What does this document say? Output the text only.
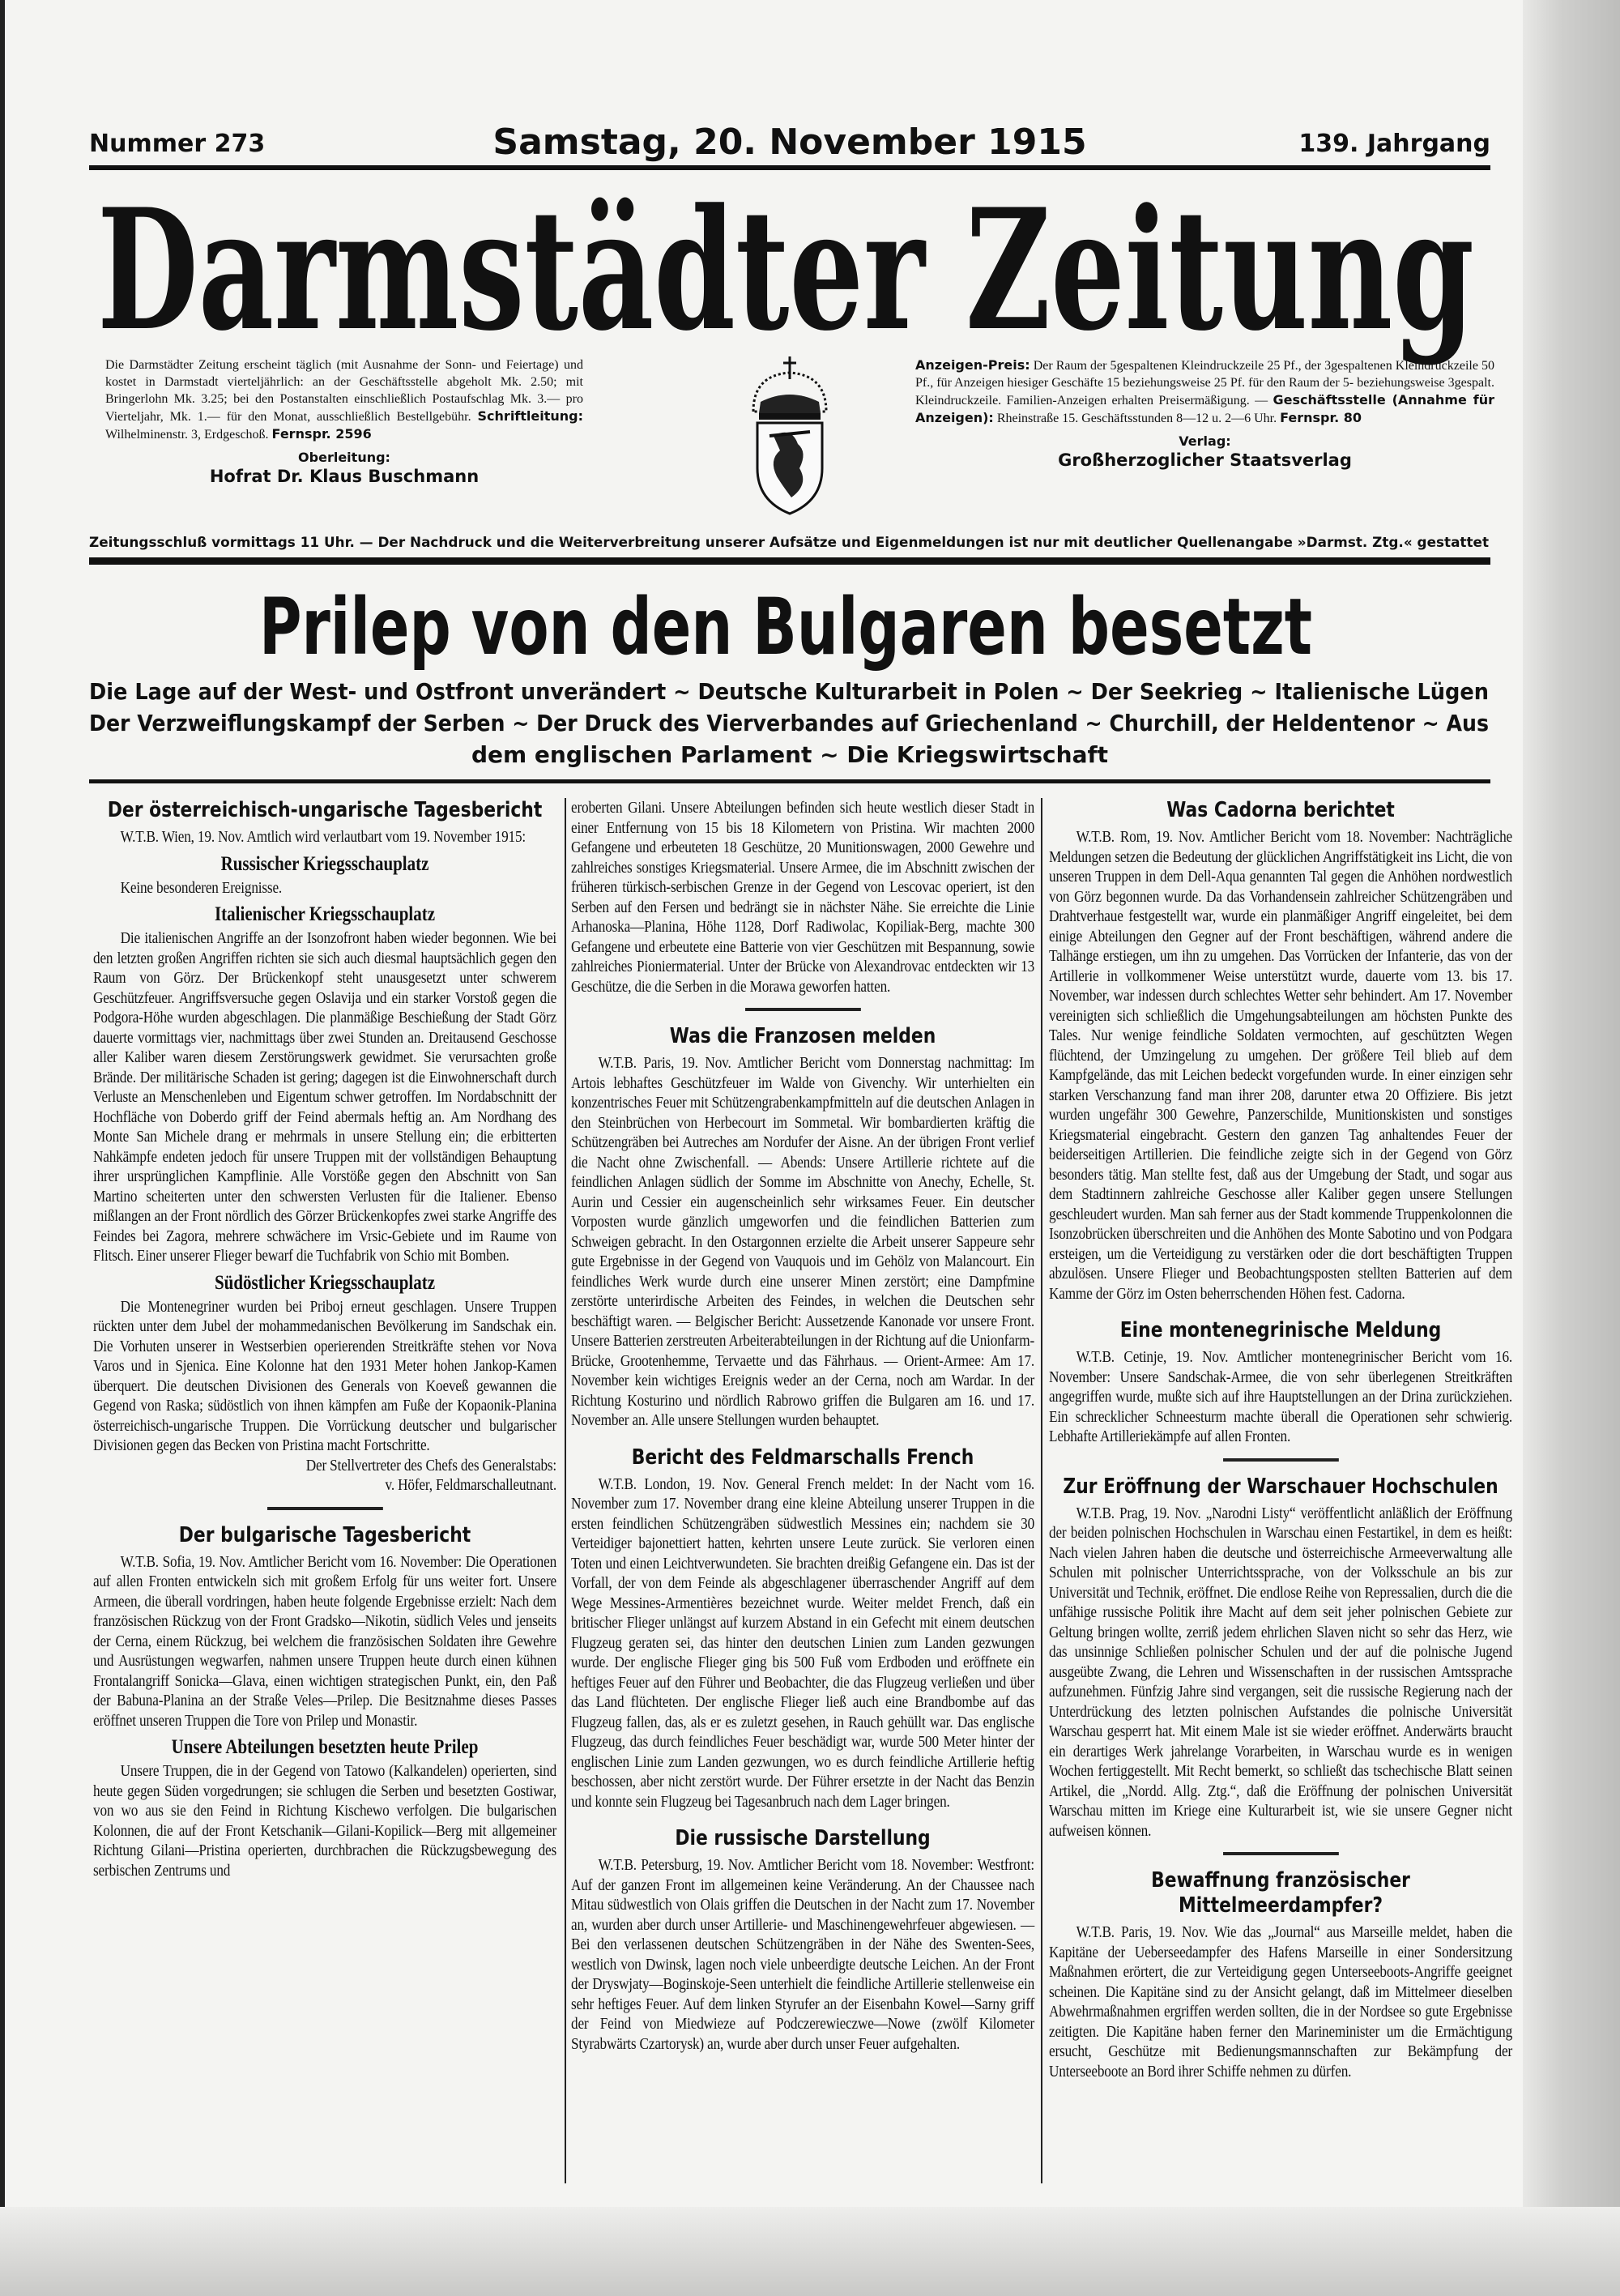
Nummer 273	Samstag, 20. November 1915	139. Jahrgang
Darmstädter Zeitung
Die Darmstädter Zeitung erscheint täglich (mit Ausnahme der Sonn- und Feiertage) und kostet in Darmstadt vierteljährlich: an der Geschäftsstelle abgeholt Mk. 2.50; mit Bringerlohn Mk. 3.25; bei den Postanstalten einschließlich Postaufschlag Mk. 3.— pro Vierteljahr, Mk. 1.— für den Monat, ausschließlich Bestellgebühr. Schriftleitung: Wilhelminenstr. 3, Erdgeschoß. Fernspr. 2596
Oberleitung:
Hofrat Dr. Klaus Buschmann
Anzeigen-Preis: Der Raum der 5gespaltenen Kleindruckzeile 25 Pf., der 3gespaltenen Kleindruckzeile 50 Pf., für Anzeigen hiesiger Geschäfte 15 beziehungsweise 25 Pf. für den Raum der 5- beziehungsweise 3gespalt. Kleindruckzeile. Familien-Anzeigen erhalten Preisermäßigung. — Geschäftsstelle (Annahme für Anzeigen): Rheinstraße 15. Geschäftsstunden 8—12 u. 2—6 Uhr. Fernspr. 80
Verlag:
Großherzoglicher Staatsverlag
Zeitungsschluß vormittags 11 Uhr. — Der Nachdruck und die Weiterverbreitung unserer Aufsätze und Eigenmeldungen ist nur mit deutlicher Quellenangabe »Darmst. Ztg.« gestattet
Prilep von den Bulgaren besetzt
Die Lage auf der West- und Ostfront unverändert ~ Deutsche Kulturarbeit in Polen ~ Der Seekrieg ~ Italienische Lügen
Der Verzweiflungskampf der Serben ~ Der Druck des Vierverbandes auf Griechenland ~ Churchill, der Heldentenor ~ Aus
dem englischen Parlament ~ Die Kriegswirtschaft
Der österreichisch-ungarische Tagesbericht

W.T.B. Wien, 19. Nov. Amtlich wird verlautbart vom 19. November 1915:

Russischer Kriegsschauplatz

Keine besonderen Ereignisse.

Italienischer Kriegsschauplatz

Die italienischen Angriffe an der Isonzofront haben wieder begonnen. Wie bei den letzten großen Angriffen richten sie sich auch diesmal hauptsächlich gegen den Raum von Görz. Der Brückenkopf steht unausgesetzt unter schwerem Geschützfeuer. Angriffsversuche gegen Oslavija und ein starker Vorstoß gegen die Podgora-Höhe wurden abgeschlagen. Die planmäßige Beschießung der Stadt Görz dauerte vormittags vier, nachmittags über zwei Stunden an. Dreitausend Geschosse aller Kaliber waren diesem Zerstörungswerk gewidmet. Sie verursachten große Brände. Der militärische Schaden ist gering; dagegen ist die Einwohnerschaft durch Verluste an Menschenleben und Eigentum schwer getroffen. Im Nordabschnitt der Hochfläche von Doberdo griff der Feind abermals heftig an. Am Nordhang des Monte San Michele drang er mehrmals in unsere Stellung ein; die erbitterten Nahkämpfe endeten jedoch für unsere Truppen mit der vollständigen Behauptung ihrer ursprünglichen Kampflinie. Alle Vorstöße gegen den Abschnitt von San Martino scheiterten unter den schwersten Verlusten für die Italiener. Ebenso mißlangen an der Front nördlich des Görzer Brückenkopfes zwei starke Angriffe des Feindes bei Zagora, mehrere schwächere im Vrsic-Gebiete und im Raume von Flitsch. Einer unserer Flieger bewarf die Tuchfabrik von Schio mit Bomben.

Südöstlicher Kriegsschauplatz

Die Montenegriner wurden bei Priboj erneut geschlagen. Unsere Truppen rückten unter dem Jubel der mohammedanischen Bevölkerung im Sandschak ein. Die Vorhuten unserer in Westserbien operierenden Streitkräfte stehen vor Nova Varos und in Sjenica. Eine Kolonne hat den 1931 Meter hohen Jankop-Kamen überquert. Die deutschen Divisionen des Generals von Koeveß gewannen die Gegend von Raska; südöstlich von ihnen kämpfen am Fuße der Kopaonik-Planina österreichisch-ungarische Truppen. Die Vorrückung deutscher und bulgarischer Divisionen gegen das Becken von Pristina macht Fortschritte.

Der Stellvertreter des Chefs des Generalstabs:

v. Höfer, Feldmarschalleutnant.

Der bulgarische Tagesbericht

W.T.B. Sofia, 19. Nov. Amtlicher Bericht vom 16. November: Die Operationen auf allen Fronten entwickeln sich mit großem Erfolg für uns weiter fort. Unsere Armeen, die überall vordringen, haben heute folgende Ergebnisse erzielt: Nach dem französischen Rückzug von der Front Gradsko—Nikotin, südlich Veles und jenseits der Cerna, einem Rückzug, bei welchem die französischen Soldaten ihre Gewehre und Ausrüstungen wegwarfen, nahmen unsere Truppen heute durch einen kühnen Frontalangriff Sonicka—Glava, einen wichtigen strategischen Punkt, ein, den Paß der Babuna-Planina an der Straße Veles—Prilep. Die Besitznahme dieses Passes eröffnet unseren Truppen die Tore von Prilep und Monastir.

Unsere Abteilungen besetzten heute Prilep

Unsere Truppen, die in der Gegend von Tatowo (Kalkandelen) operierten, sind heute gegen Süden vorgedrungen; sie schlugen die Serben und besetzten Gostiwar, von wo aus sie den Feind in Richtung Kischewo verfolgen. Die bulgarischen Kolonnen, die auf der Front Ketschanik—Gilani-Kopilick—Berg mit allgemeiner Richtung Gilani—Pristina operierten, durchbrachen die Rückzugsbewegung des serbischen Zentrums und

eroberten Gilani. Unsere Abteilungen befinden sich heute westlich dieser Stadt in einer Entfernung von 15 bis 18 Kilometern von Pristina. Wir machten 2000 Gefangene und erbeuteten 18 Geschütze, 20 Munitionswagen, 2000 Gewehre und zahlreiches sonstiges Kriegsmaterial. Unsere Armee, die im Abschnitt zwischen der früheren türkisch-serbischen Grenze in der Gegend von Lescovac operiert, ist den Serben auf den Fersen und bedrängt sie in nächster Nähe. Sie erreichte die Linie Arhanoska—Planina, Höhe 1128, Dorf Radiwolac, Kopiliak-Berg, machte 300 Gefangene und erbeutete eine Batterie von vier Geschützen mit Bespannung, sowie zahlreiches Pioniermaterial. Unter der Brücke von Alexandrovac entdeckten wir 13 Geschütze, die die Serben in die Morawa geworfen hatten.

Was die Franzosen melden

W.T.B. Paris, 19. Nov. Amtlicher Bericht vom Donnerstag nachmittag: Im Artois lebhaftes Geschützfeuer im Walde von Givenchy. Wir unterhielten ein konzentrisches Feuer mit Schützengrabenkampfmitteln auf die deutschen Anlagen in den Steinbrüchen von Herbecourt im Sommetal. Wir bombardierten kräftig die Schützengräben bei Autreches am Nordufer der Aisne. An der übrigen Front verlief die Nacht ohne Zwischenfall. — Abends: Unsere Artillerie richtete auf die feindlichen Anlagen südlich der Somme im Abschnitte von Anechy, Echelle, St. Aurin und Cessier ein augenscheinlich sehr wirksames Feuer. Ein deutscher Vorposten wurde gänzlich umgeworfen und die feindlichen Batterien zum Schweigen gebracht. In den Ostargonnen erzielte die Arbeit unserer Sappeure sehr gute Ergebnisse in der Gegend von Vauquois und im Gehölz von Malancourt. Ein feindliches Werk wurde durch eine unserer Minen zerstört; eine Dampfmine zerstörte unterirdische Arbeiten des Feindes, in welchen die Deutschen sehr beschäftigt waren. — Belgischer Bericht: Aussetzende Kanonade vor unsere Front. Unsere Batterien zerstreuten Arbeiterabteilungen in der Richtung auf die Unionfarm-Brücke, Grootenhemme, Tervaette und das Fährhaus. — Orient-Armee: Am 17. November kein wichtiges Ereignis weder an der Cerna, noch am Wardar. In der Richtung Kosturino und nördlich Rabrowo griffen die Bulgaren am 16. und 17. November an. Alle unsere Stellungen wurden behauptet.

Bericht des Feldmarschalls French

W.T.B. London, 19. Nov. General French meldet: In der Nacht vom 16. November zum 17. November drang eine kleine Abteilung unserer Truppen in die ersten feindlichen Schützengräben südwestlich Messines ein; nachdem sie 30 Verteidiger bajonettiert hatten, kehrten unsere Leute zurück. Sie verloren einen Toten und einen Leichtverwundeten. Sie brachten dreißig Gefangene ein. Das ist der Vorfall, der von dem Feinde als abgeschlagener überraschender Angriff auf dem Wege Messines-Armentières bezeichnet wurde. Weiter meldet French, daß ein britischer Flieger unlängst auf kurzem Abstand in ein Gefecht mit einem deutschen Flugzeug geraten sei, das hinter den deutschen Linien zum Landen gezwungen wurde. Der englische Flieger ging bis 500 Fuß vom Erdboden und eröffnete ein heftiges Feuer auf den Führer und Beobachter, die das Flugzeug verließen und über das Land flüchteten. Der englische Flieger ließ auch eine Brandbombe auf das Flugzeug fallen, das, als er es zuletzt gesehen, in Rauch gehüllt war. Das englische Flugzeug, das durch feindliches Feuer beschädigt war, wurde 500 Meter hinter der englischen Linie zum Landen gezwungen, wo es durch feindliche Artillerie heftig beschossen, aber nicht zerstört wurde. Der Führer ersetzte in der Nacht das Benzin und konnte sein Flugzeug bei Tagesanbruch nach dem Lager bringen.

Die russische Darstellung

W.T.B. Petersburg, 19. Nov. Amtlicher Bericht vom 18. November: Westfront: Auf der ganzen Front im allgemeinen keine Veränderung. An der Chaussee nach Mitau südwestlich von Olais griffen die Deutschen in der Nacht zum 17. November an, wurden aber durch unser Artillerie- und Maschinengewehrfeuer abgewiesen. — Bei den verlassenen deutschen Schützengräben in der Nähe des Swenten-Sees, westlich von Dwinsk, lagen noch viele unbeerdigte deutsche Leichen. An der Front der Dryswjaty—Boginskoje-Seen unterhielt die feindliche Artillerie stellenweise ein sehr heftiges Feuer. Auf dem linken Styrufer an der Eisenbahn Kowel—Sarny griff der Feind von Miedwieze auf Podczerewieczwe—Nowe (zwölf Kilometer Styrabwärts Czartorysk) an, wurde aber durch unser Feuer aufgehalten.

Was Cadorna berichtet

W.T.B. Rom, 19. Nov. Amtlicher Bericht vom 18. November: Nachträgliche Meldungen setzen die Bedeutung der glücklichen Angriffstätigkeit ins Licht, die von unseren Truppen in dem Dell-Aqua genannten Tal gegen die Anhöhen nordwestlich von Görz begonnen wurde. Da das Vorhandensein zahlreicher Schützengräben und Drahtverhaue festgestellt war, wurde ein planmäßiger Angriff eingeleitet, bei dem einige Abteilungen den Gegner auf der Front beschäftigen, während andere die Talhänge erstiegen, um ihn zu umgehen. Das Vorrücken der Infanterie, das von der Artillerie in vollkommener Weise unterstützt wurde, dauerte vom 13. bis 17. November, war indessen durch schlechtes Wetter sehr behindert. Am 17. November vereinigten sich schließlich die Umgehungsabteilungen am höchsten Punkte des Tales. Nur wenige feindliche Soldaten vermochten, auf geschützten Wegen flüchtend, der Umzingelung zu umgehen. Der größere Teil blieb auf dem Kampfgelände, das mit Leichen bedeckt vorgefunden wurde. In einer einzigen sehr starken Verschanzung fand man ihrer 208, darunter etwa 20 Offiziere. Bis jetzt wurden ungefähr 300 Gewehre, Panzerschilde, Munitionskisten und sonstiges Kriegsmaterial eingebracht. Gestern den ganzen Tag anhaltendes Feuer der beiderseitigen Artillerien. Die feindliche zeigte sich in der Gegend von Görz besonders tätig. Man stellte fest, daß aus der Umgebung der Stadt, und sogar aus dem Stadtinnern zahlreiche Geschosse aller Kaliber gegen unsere Stellungen geschleudert wurden. Man sah ferner aus der Stadt kommende Truppenkolonnen die Isonzobrücken überschreiten und die Anhöhen des Monte Sabotino und von Podgara ersteigen, um die Verteidigung zu verstärken oder die dort beschäftigten Truppen abzulösen. Unsere Flieger und Beobachtungsposten stellten Batterien auf dem Kamme der Görz im Osten beherrschenden Höhen fest. Cadorna.

Eine montenegrinische Meldung

W.T.B. Cetinje, 19. Nov. Amtlicher montenegrinischer Bericht vom 16. November: Unsere Sandschak-Armee, die von sehr überlegenen Streitkräften angegriffen wurde, mußte sich auf ihre Hauptstellungen an der Drina zurückziehen. Ein schrecklicher Schneesturm machte überall die Operationen sehr schwierig. Lebhafte Artilleriekämpfe auf allen Fronten.

Zur Eröffnung der Warschauer Hochschulen

W.T.B. Prag, 19. Nov. „Narodni Listy“ veröffentlicht anläßlich der Eröffnung der beiden polnischen Hochschulen in Warschau einen Festartikel, in dem es heißt: Nach vielen Jahren haben die deutsche und österreichische Armeeverwaltung alle Schulen mit polnischer Unterrichtssprache, von der Volksschule an bis zur Universität und Technik, eröffnet. Die endlose Reihe von Repressalien, durch die die unfähige russische Politik ihre Macht auf dem seit jeher polnischen Gebiete zur Geltung bringen wollte, zerriß jedem ehrlichen Slaven nicht so sehr das Herz, wie das unsinnige Schließen polnischer Schulen und der auf die polnische Jugend ausgeübte Zwang, die Lehren und Wissenschaften in der russischen Amtssprache aufzunehmen. Fünfzig Jahre sind vergangen, seit die russische Regierung nach der Unterdrückung des letzten polnischen Aufstandes die polnische Universität Warschau gesperrt hat. Mit einem Male ist sie wieder eröffnet. Anderwärts braucht ein derartiges Werk jahrelange Vorarbeiten, in Warschau wurde es in wenigen Wochen fertiggestellt. Mit Recht bemerkt, so schließt das tschechische Blatt seinen Artikel, die „Nordd. Allg. Ztg.“, daß die Eröffnung der polnischen Universität Warschau mitten im Kriege eine Kulturarbeit ist, wie sie unsere Gegner nicht aufweisen können.

Bewaffnung französischer Mittelmeerdampfer?

W.T.B. Paris, 19. Nov. Wie das „Journal“ aus Marseille meldet, haben die Kapitäne der Ueberseedampfer des Hafens Marseille in einer Sondersitzung Maßnahmen erörtert, die zur Verteidigung gegen Unterseeboots-Angriffe geeignet scheinen. Die Kapitäne sind zu der Ansicht gelangt, daß im Mittelmeer dieselben Abwehrmaßnahmen ergriffen werden sollten, die in der Nordsee so gute Ergebnisse zeitigten. Die Kapitäne haben ferner den Marineminister um die Ermächtigung ersucht, Geschütze mit Bedienungsmannschaften zur Bekämpfung der Unterseeboote an Bord ihrer Schiffe nehmen zu dürfen.
